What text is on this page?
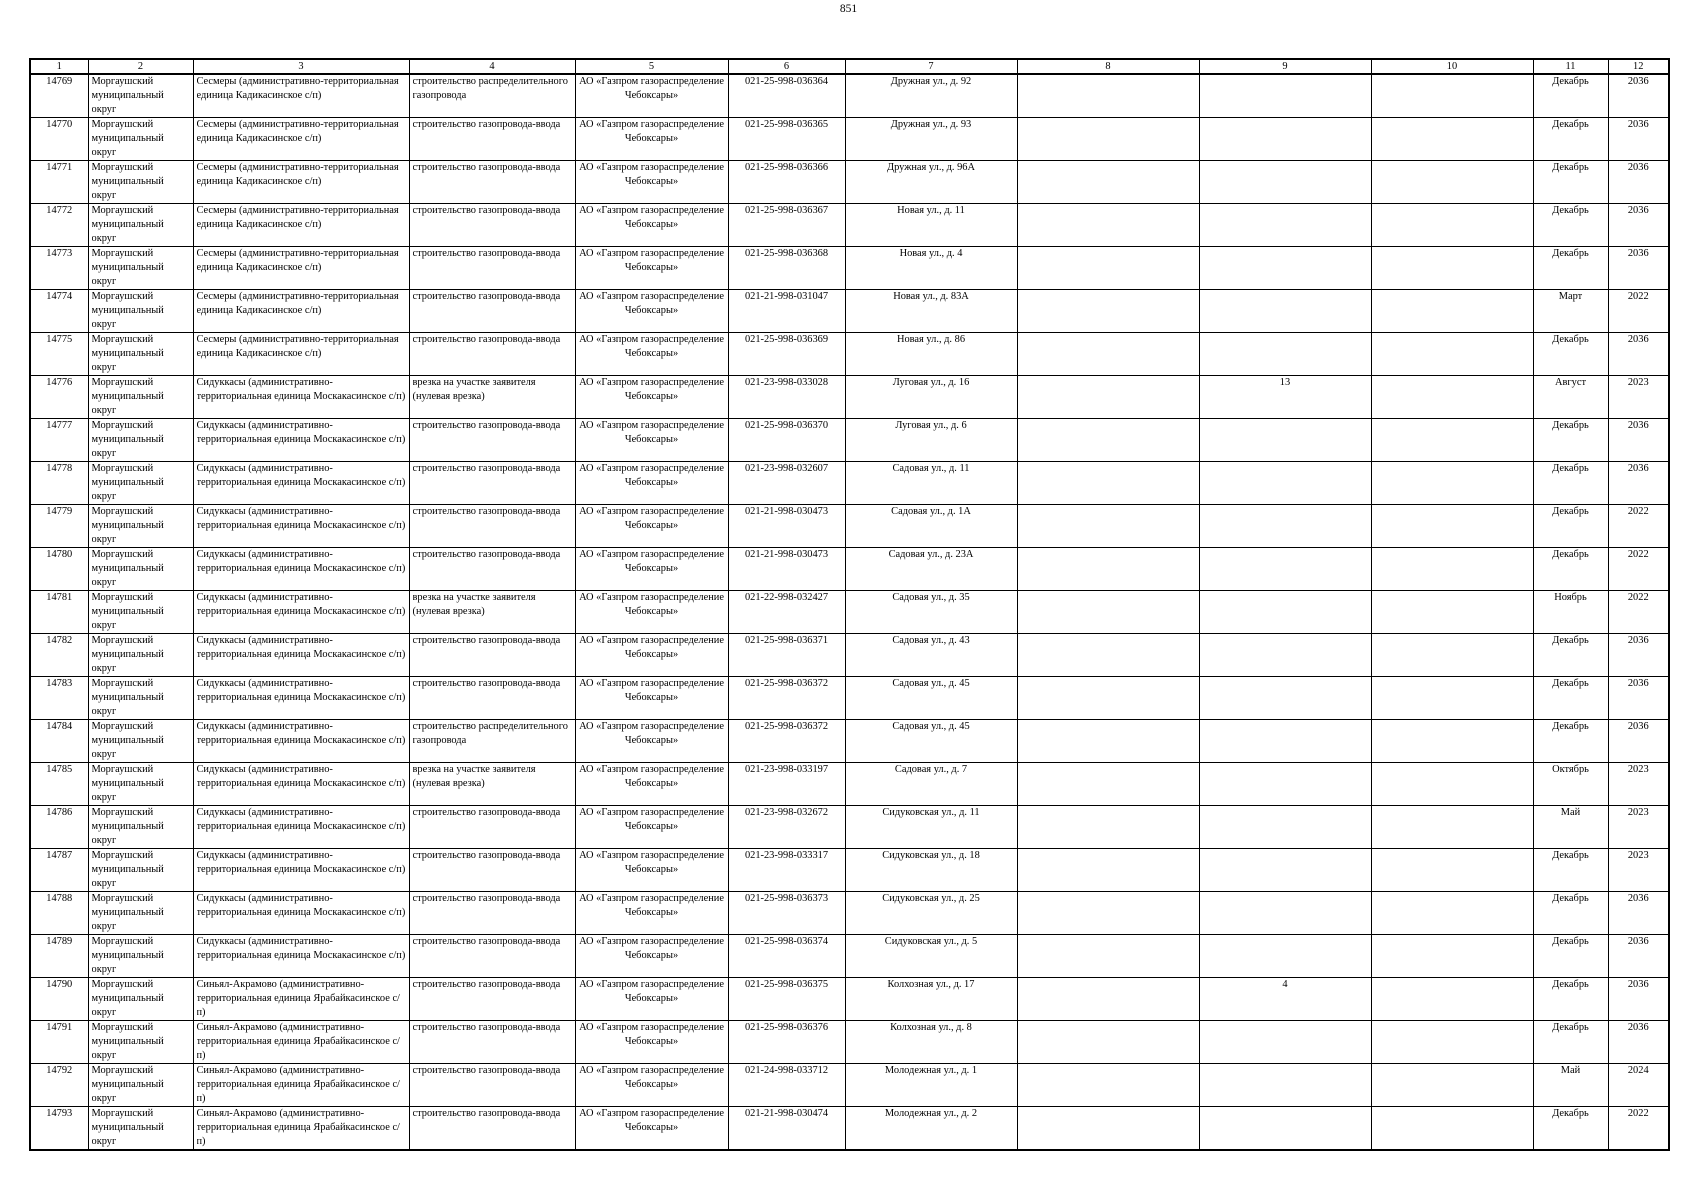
851
1	2	3	4	5	6	7	8	9	10	11	12

14769	Моргаушский муниципальный округ	Сесмеры (административно-территориальная единица Кадикасинское с/п)	строительство распределительного газопровода	АО «Газпром газораспределение Чебоксары»	021-25-998-036364	Дружная ул., д. 92				Декабрь	2036

14770	Моргаушский муниципальный округ	Сесмеры (административно-территориальная единица Кадикасинское с/п)	строительство газопровода-ввода	АО «Газпром газораспределение Чебоксары»	021-25-998-036365	Дружная ул., д. 93				Декабрь	2036

14771	Моргаушский муниципальный округ	Сесмеры (административно-территориальная единица Кадикасинское с/п)	строительство газопровода-ввода	АО «Газпром газораспределение Чебоксары»	021-25-998-036366	Дружная ул., д. 96А				Декабрь	2036

14772	Моргаушский муниципальный округ	Сесмеры (административно-территориальная единица Кадикасинское с/п)	строительство газопровода-ввода	АО «Газпром газораспределение Чебоксары»	021-25-998-036367	Новая ул., д. 11				Декабрь	2036

14773	Моргаушский муниципальный округ	Сесмеры (административно-территориальная единица Кадикасинское с/п)	строительство газопровода-ввода	АО «Газпром газораспределение Чебоксары»	021-25-998-036368	Новая ул., д. 4				Декабрь	2036

14774	Моргаушский муниципальный округ	Сесмеры (административно-территориальная единица Кадикасинское с/п)	строительство газопровода-ввода	АО «Газпром газораспределение Чебоксары»	021-21-998-031047	Новая ул., д. 83А				Март	2022

14775	Моргаушский муниципальный округ	Сесмеры (административно-территориальная единица Кадикасинское с/п)	строительство газопровода-ввода	АО «Газпром газораспределение Чебоксары»	021-25-998-036369	Новая ул., д. 86				Декабрь	2036

14776	Моргаушский муниципальный округ	Сидуккасы (административно-территориальная единица Москакасинское с/п)	врезка на участке заявителя (нулевая врезка)	АО «Газпром газораспределение Чебоксары»	021-23-998-033028	Луговая ул., д. 16		13		Август	2023

14777	Моргаушский муниципальный округ	Сидуккасы (административно-территориальная единица Москакасинское с/п)	строительство газопровода-ввода	АО «Газпром газораспределение Чебоксары»	021-25-998-036370	Луговая ул., д. 6				Декабрь	2036

14778	Моргаушский муниципальный округ	Сидуккасы (административно-территориальная единица Москакасинское с/п)	строительство газопровода-ввода	АО «Газпром газораспределение Чебоксары»	021-23-998-032607	Садовая ул., д. 11				Декабрь	2036

14779	Моргаушский муниципальный округ	Сидуккасы (административно-территориальная единица Москакасинское с/п)	строительство газопровода-ввода	АО «Газпром газораспределение Чебоксары»	021-21-998-030473	Садовая ул., д. 1А				Декабрь	2022

14780	Моргаушский муниципальный округ	Сидуккасы (административно-территориальная единица Москакасинское с/п)	строительство газопровода-ввода	АО «Газпром газораспределение Чебоксары»	021-21-998-030473	Садовая ул., д. 23А				Декабрь	2022

14781	Моргаушский муниципальный округ	Сидуккасы (административно-территориальная единица Москакасинское с/п)	врезка на участке заявителя (нулевая врезка)	АО «Газпром газораспределение Чебоксары»	021-22-998-032427	Садовая ул., д. 35				Ноябрь	2022

14782	Моргаушский муниципальный округ	Сидуккасы (административно-территориальная единица Москакасинское с/п)	строительство газопровода-ввода	АО «Газпром газораспределение Чебоксары»	021-25-998-036371	Садовая ул., д. 43				Декабрь	2036

14783	Моргаушский муниципальный округ	Сидуккасы (административно-территориальная единица Москакасинское с/п)	строительство газопровода-ввода	АО «Газпром газораспределение Чебоксары»	021-25-998-036372	Садовая ул., д. 45				Декабрь	2036

14784	Моргаушский муниципальный округ	Сидуккасы (административно-территориальная единица Москакасинское с/п)	строительство распределительного газопровода	АО «Газпром газораспределение Чебоксары»	021-25-998-036372	Садовая ул., д. 45				Декабрь	2036

14785	Моргаушский муниципальный округ	Сидуккасы (административно-территориальная единица Москакасинское с/п)	врезка на участке заявителя (нулевая врезка)	АО «Газпром газораспределение Чебоксары»	021-23-998-033197	Садовая ул., д. 7				Октябрь	2023

14786	Моргаушский муниципальный округ	Сидуккасы (административно-территориальная единица Москакасинское с/п)	строительство газопровода-ввода	АО «Газпром газораспределение Чебоксары»	021-23-998-032672	Сидуковская ул., д. 11				Май	2023

14787	Моргаушский муниципальный округ	Сидуккасы (административно-территориальная единица Москакасинское с/п)	строительство газопровода-ввода	АО «Газпром газораспределение Чебоксары»	021-23-998-033317	Сидуковская ул., д. 18				Декабрь	2023

14788	Моргаушский муниципальный округ	Сидуккасы (административно-территориальная единица Москакасинское с/п)	строительство газопровода-ввода	АО «Газпром газораспределение Чебоксары»	021-25-998-036373	Сидуковская ул., д. 25				Декабрь	2036

14789	Моргаушский муниципальный округ	Сидуккасы (административно-территориальная единица Москакасинское с/п)	строительство газопровода-ввода	АО «Газпром газораспределение Чебоксары»	021-25-998-036374	Сидуковская ул., д. 5				Декабрь	2036

14790	Моргаушский муниципальный округ	Синьял-Акрамово (административно-территориальная единица Ярабайкасинское с/п)	строительство газопровода-ввода	АО «Газпром газораспределение Чебоксары»	021-25-998-036375	Колхозная ул., д. 17		4		Декабрь	2036

14791	Моргаушский муниципальный округ	Синьял-Акрамово (административно-территориальная единица Ярабайкасинское с/п)	строительство газопровода-ввода	АО «Газпром газораспределение Чебоксары»	021-25-998-036376	Колхозная ул., д. 8				Декабрь	2036

14792	Моргаушский муниципальный округ	Синьял-Акрамово (административно-территориальная единица Ярабайкасинское с/п)	строительство газопровода-ввода	АО «Газпром газораспределение Чебоксары»	021-24-998-033712	Молодежная ул., д. 1				Май	2024

14793	Моргаушский муниципальный округ	Синьял-Акрамово (административно-территориальная единица Ярабайкасинское с/п)	строительство газопровода-ввода	АО «Газпром газораспределение Чебоксары»	021-21-998-030474	Молодежная ул., д. 2				Декабрь	2022
